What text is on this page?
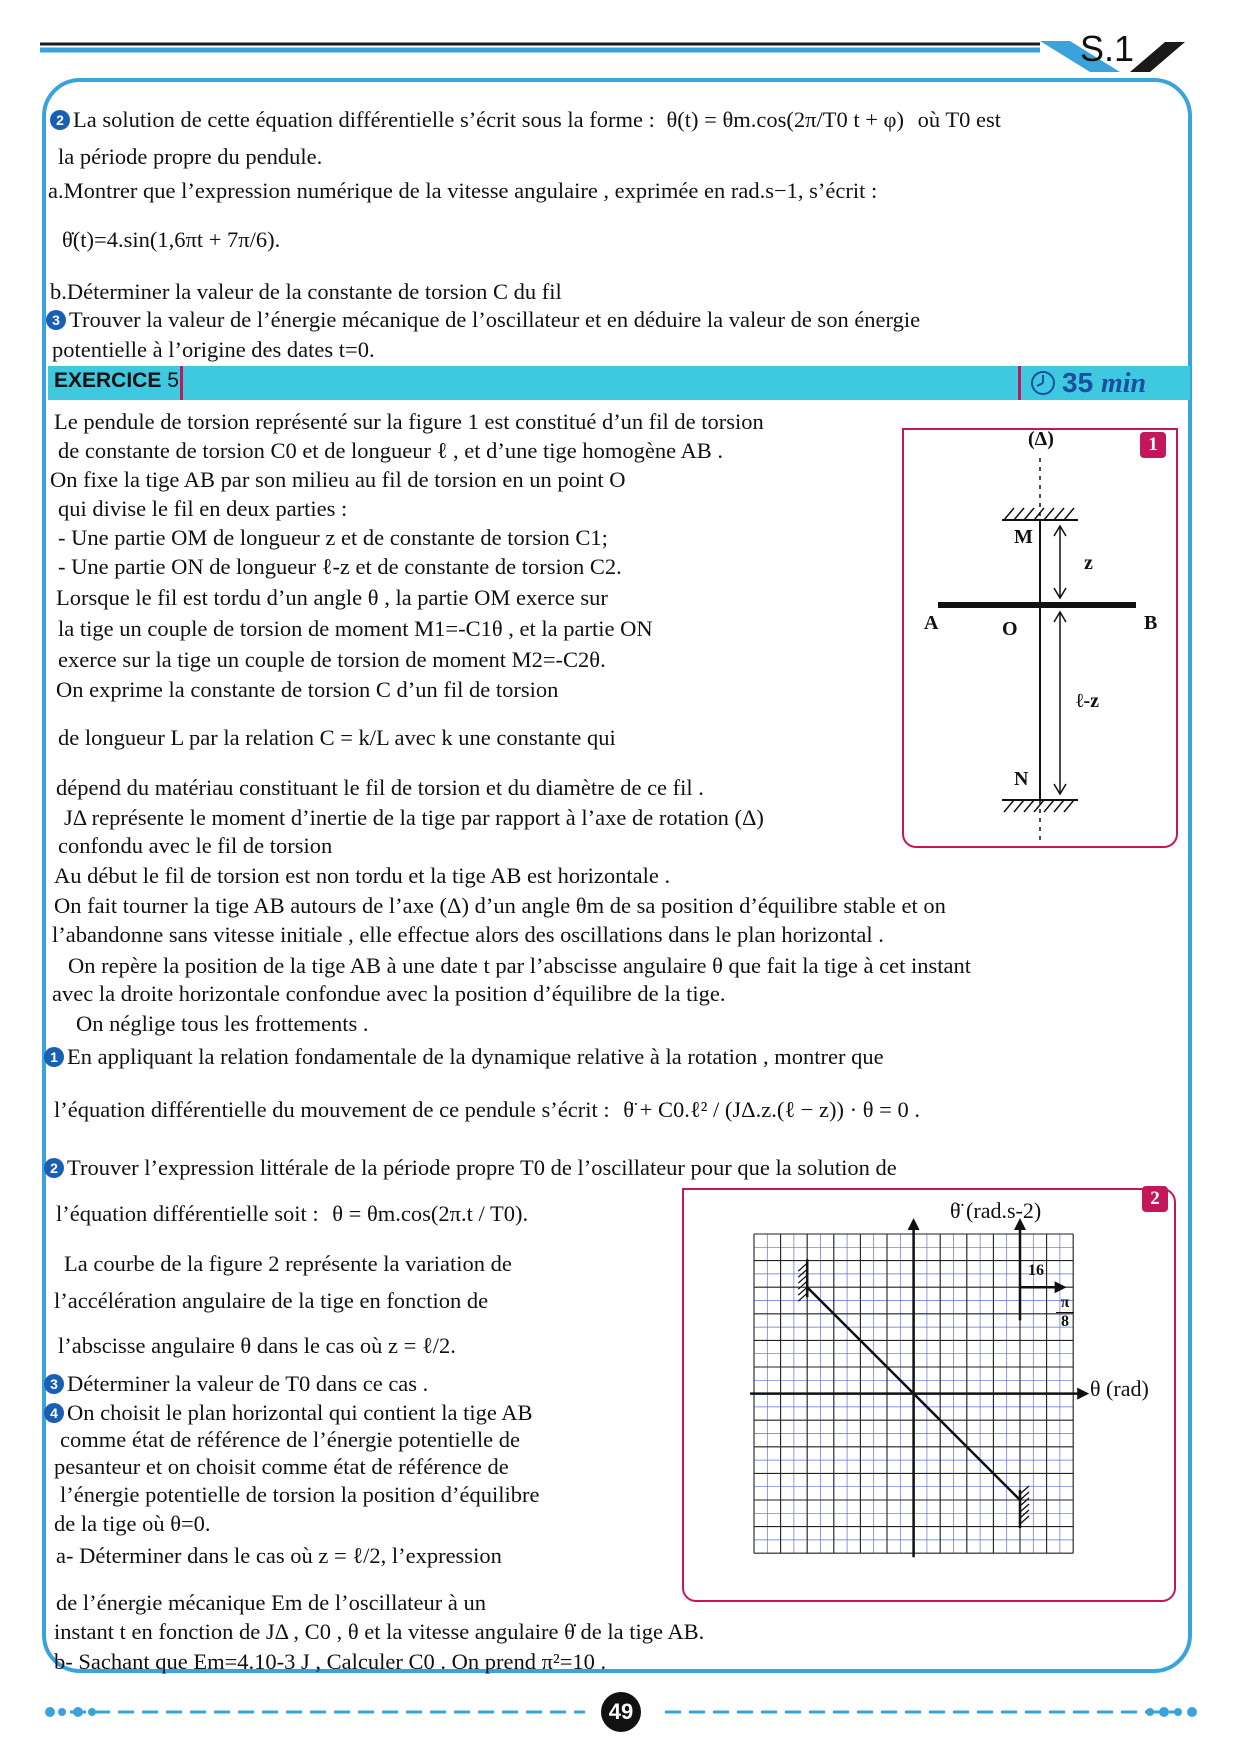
S.1
2 La solution de cette équation différentielle s’écrit sous la forme : θ(t) = θm.cos(2π/T0 t + φ) où T0 est
la période propre du pendule.
a.Montrer que l’expression numérique de la vitesse angulaire , exprimée en rad.s−1, s’écrit :
θ̇(t)=4.sin(1,6πt + 7π/6).
b.Déterminer la valeur de la constante de torsion C du fil
3 Trouver la valeur de l’énergie mécanique de l’oscillateur et en déduire la valeur de son énergie
potentielle à l’origine des dates t=0.
EXERCICE 5	35 min
Le pendule de torsion représenté sur la figure 1 est constitué d’un fil de torsion
de constante de torsion C0 et de longueur ℓ , et d’une tige homogène AB .
On fixe la tige AB par son milieu au fil de torsion en un point O
qui divise le fil en deux parties :
- Une partie OM de longueur z et de constante de torsion C1;
- Une partie ON de longueur ℓ-z et de constante de torsion C2.
Lorsque le fil est tordu d’un angle θ , la partie OM exerce sur
la tige un couple de torsion de moment M1=-C1θ , et la partie ON
exerce sur la tige un couple de torsion de moment M2=-C2θ.
On exprime la constante de torsion C d’un fil de torsion
de longueur L par la relation C = k/L avec k une constante qui
dépend du matériau constituant le fil de torsion et du diamètre de ce fil .
JΔ représente le moment d’inertie de la tige par rapport à l’axe de rotation (Δ)
confondu avec le fil de torsion
Au début le fil de torsion est non tordu et la tige AB est horizontale .
On fait tourner la tige AB autours de l’axe (Δ) d’un angle θm de sa position d’équilibre stable et on
l’abandonne sans vitesse initiale , elle effectue alors des oscillations dans le plan horizontal .
On repère la position de la tige AB à une date t par l’abscisse angulaire θ que fait la tige à cet instant
avec la droite horizontale confondue avec la position d’équilibre de la tige.
On néglige tous les frottements .
1 En appliquant la relation fondamentale de la dynamique relative à la rotation , montrer que
l’équation différentielle du mouvement de ce pendule s’écrit : θ̈ + C0.ℓ² / (JΔ.z.(ℓ − z)) · θ = 0 .
2 Trouver l’expression littérale de la période propre T0 de l’oscillateur pour que la solution de
l’équation différentielle soit : θ = θm.cos(2π.t / T0).
La courbe de la figure 2 représente la variation de
l’accélération angulaire de la tige en fonction de
l’abscisse angulaire θ dans le cas où z = ℓ/2.
3 Déterminer la valeur de T0 dans ce cas .
4 On choisit le plan horizontal qui contient la tige AB
comme état de référence de l’énergie potentielle de
pesanteur et on choisit comme état de référence de
l’énergie potentielle de torsion la position d’équilibre
de la tige où θ=0.
a- Déterminer dans le cas où z = ℓ/2, l’expression
de l’énergie mécanique Em de l’oscillateur à un
instant t en fonction de JΔ , C0 , θ et la vitesse angulaire θ̇ de la tige AB.
b- Sachant que Em=4.10-3 J , Calculer C0 . On prend π²=10 .
1
(Δ)
M
z
A	O	B
ℓ-z
N
2
θ̈ (rad.s-2)
θ (rad)
16
π
8
49
